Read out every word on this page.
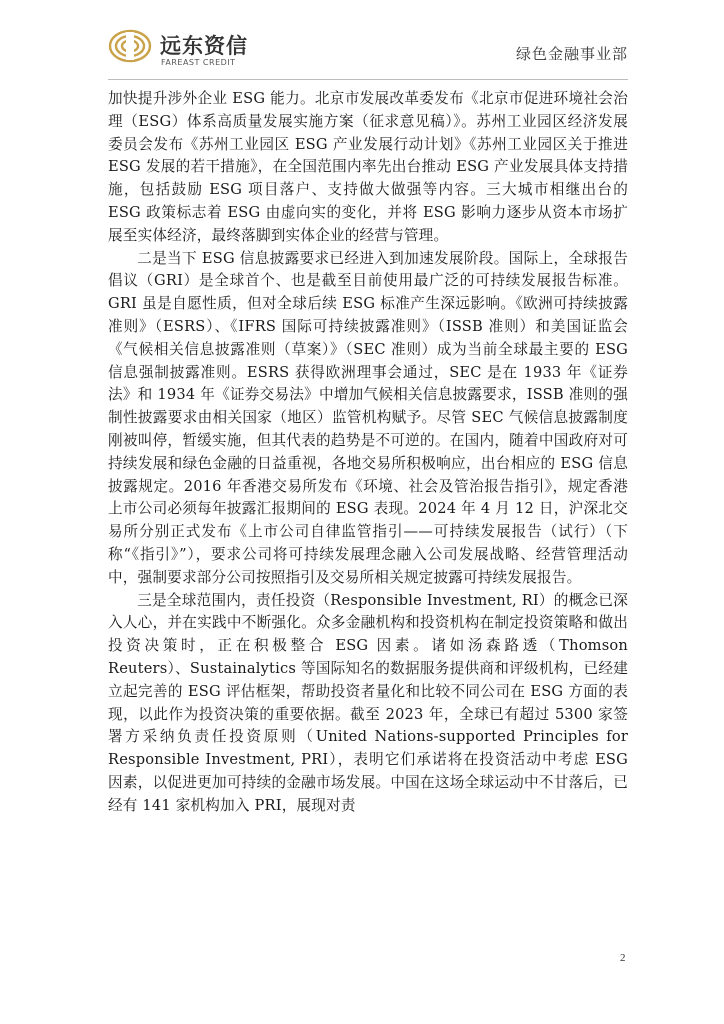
远东资信
FAREAST CREDIT	绿色金融事业部

加快提升涉外企业 ESG 能力。北京市发展改革委发布《北京市促进环境社会治理（ESG）体系高质量发展实施方案（征求意见稿）》。苏州工业园区经济发展委员会发布《苏州工业园区 ESG 产业发展行动计划》《苏州工业园区关于推进 ESG 发展的若干措施》，在全国范围内率先出台推动 ESG 产业发展具体支持措施，包括鼓励 ESG 项目落户、支持做大做强等内容。三大城市相继出台的 ESG 政策标志着 ESG 由虚向实的变化，并将 ESG 影响力逐步从资本市场扩展至实体经济，最终落脚到实体企业的经营与管理。

二是当下 ESG 信息披露要求已经进入到加速发展阶段。国际上，全球报告倡议（GRI）是全球首个、也是截至目前使用最广泛的可持续发展报告标准。GRI 虽是自愿性质，但对全球后续 ESG 标准产生深远影响。《欧洲可持续披露准则》（ESRS）、《IFRS 国际可持续披露准则》（ISSB 准则）和美国证监会《气候相关信息披露准则（草案）》（SEC 准则）成为当前全球最主要的 ESG 信息强制披露准则。ESRS 获得欧洲理事会通过，SEC 是在 1933 年《证券法》和 1934 年《证券交易法》中增加气候相关信息披露要求，ISSB 准则的强制性披露要求由相关国家（地区）监管机构赋予。尽管 SEC 气候信息披露制度刚被叫停，暂缓实施，但其代表的趋势是不可逆的。在国内，随着中国政府对可持续发展和绿色金融的日益重视，各地交易所积极响应，出台相应的 ESG 信息披露规定。2016 年香港交易所发布《环境、社会及管治报告指引》，规定香港上市公司必须每年披露汇报期间的 ESG 表现。2024 年 4 月 12 日，沪深北交易所分别正式发布《上市公司自律监管指引——可持续发展报告（试行）（下称“《指引》”），要求公司将可持续发展理念融入公司发展战略、经营管理活动中，强制要求部分公司按照指引及交易所相关规定披露可持续发展报告。

三是全球范围内，责任投资（Responsible Investment, RI）的概念已深入人心，并在实践中不断强化。众多金融机构和投资机构在制定投资策略和做出投资决策时，正在积极整合 ESG 因素。诸如汤森路透（Thomson Reuters）、Sustainalytics 等国际知名的数据服务提供商和评级机构，已经建立起完善的 ESG 评估框架，帮助投资者量化和比较不同公司在 ESG 方面的表现，以此作为投资决策的重要依据。截至 2023 年，全球已有超过 5300 家签署方采纳负责任投资原则（United Nations-supported Principles for Responsible Investment, PRI），表明它们承诺将在投资活动中考虑 ESG 因素，以促进更加可持续的金融市场发展。中国在这场全球运动中不甘落后，已经有 141 家机构加入 PRI，展现对责

2
